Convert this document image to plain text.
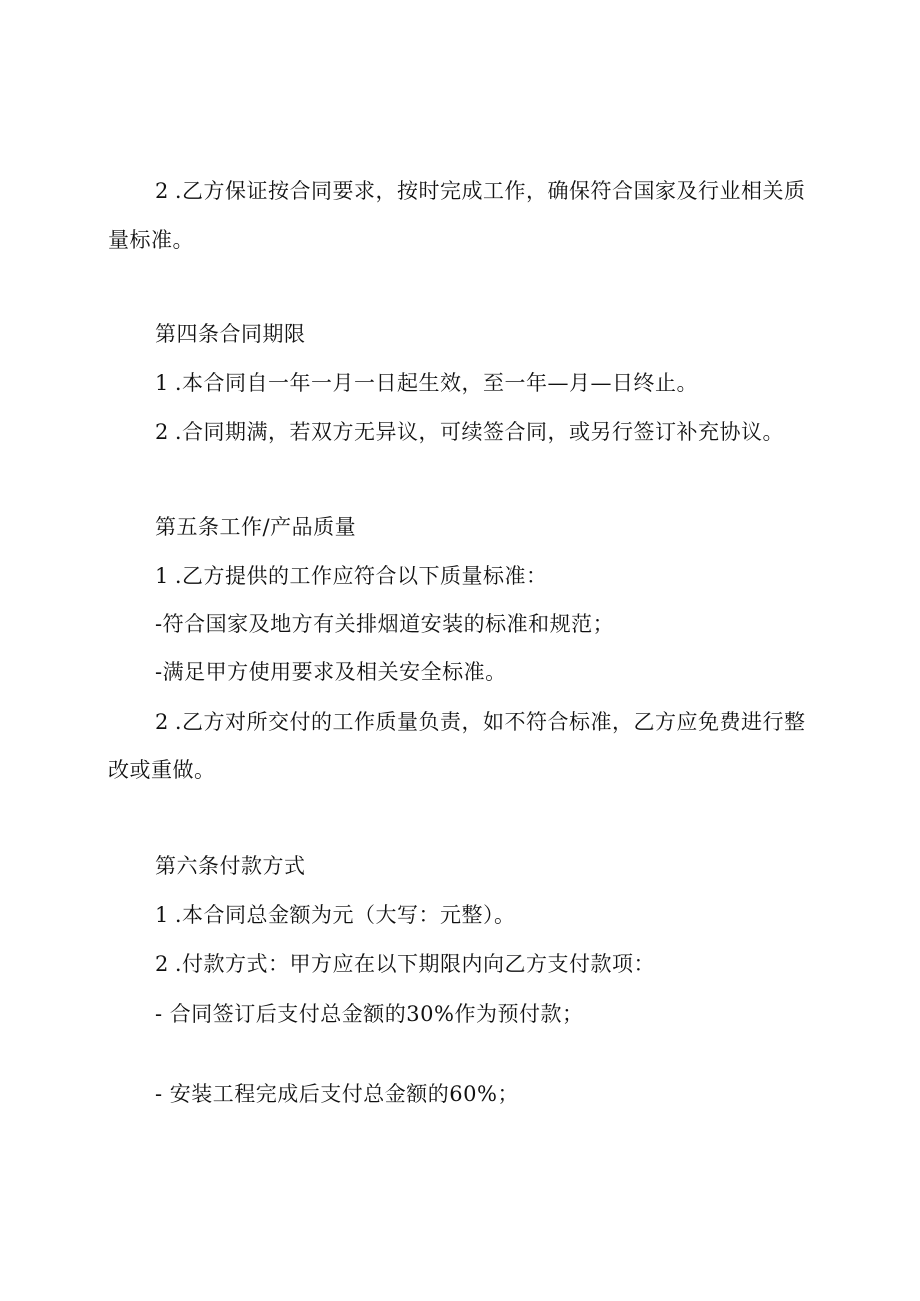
2 .乙方保证按合同要求，按时完成工作，确保符合国家及行业相关质
量标准。
第四条合同期限
1 .本合同自一年一月一日起生效，至一年—月—日终止。
2 .合同期满，若双方无异议，可续签合同，或另行签订补充协议。
第五条工作/产品质量
1 .乙方提供的工作应符合以下质量标准：
-符合国家及地方有关排烟道安装的标准和规范；
-满足甲方使用要求及相关安全标准。
2 .乙方对所交付的工作质量负责，如不符合标准，乙方应免费进行整
改或重做。
第六条付款方式
1 .本合同总金额为元（大写：元整）。
2 .付款方式：甲方应在以下期限内向乙方支付款项：
- 合同签订后支付总金额的30%作为预付款；
- 安装工程完成后支付总金额的60%；
